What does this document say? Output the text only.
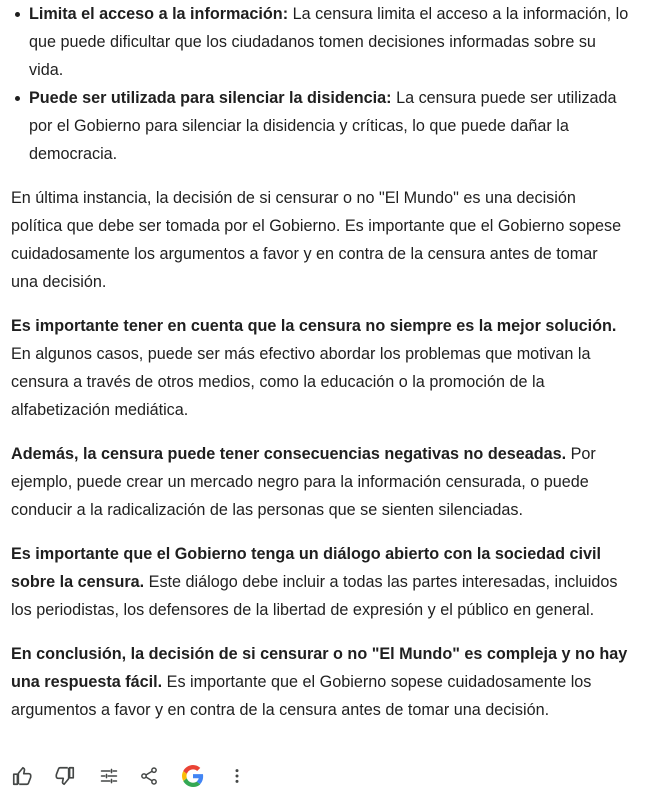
Limita el acceso a la información: La censura limita el acceso a la información, lo que puede dificultar que los ciudadanos tomen decisiones informadas sobre su vida.
Puede ser utilizada para silenciar la disidencia: La censura puede ser utilizada por el Gobierno para silenciar la disidencia y críticas, lo que puede dañar la democracia.

En última instancia, la decisión de si censurar o no "El Mundo" es una decisión política que debe ser tomada por el Gobierno. Es importante que el Gobierno sopese cuidadosamente los argumentos a favor y en contra de la censura antes de tomar una decisión.

Es importante tener en cuenta que la censura no siempre es la mejor solución. En algunos casos, puede ser más efectivo abordar los problemas que motivan la censura a través de otros medios, como la educación o la promoción de la alfabetización mediática.

Además, la censura puede tener consecuencias negativas no deseadas. Por ejemplo, puede crear un mercado negro para la información censurada, o puede conducir a la radicalización de las personas que se sienten silenciadas.

Es importante que el Gobierno tenga un diálogo abierto con la sociedad civil sobre la censura. Este diálogo debe incluir a todas las partes interesadas, incluidos los periodistas, los defensores de la libertad de expresión y el público en general.

En conclusión, la decisión de si censurar o no "El Mundo" es compleja y no hay una respuesta fácil. Es importante que el Gobierno sopese cuidadosamente los argumentos a favor y en contra de la censura antes de tomar una decisión.
